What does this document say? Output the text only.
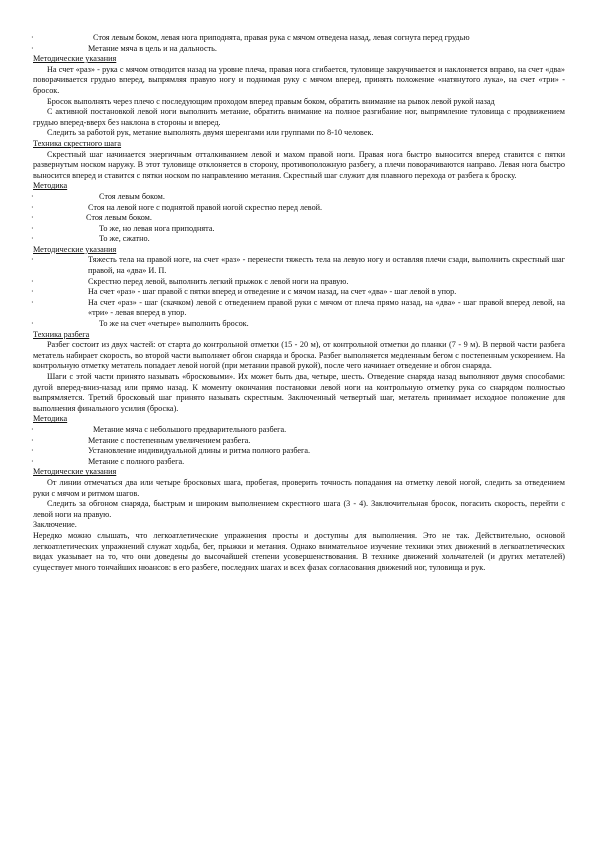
·	Стоя левым боком, левая нога приподнята, правая рука с мячом отведена назад, левая согнута перед грудью
·	Метание мяча в цель и на дальность.

Методические указания

На счет «раз» - рука с мячом отводится назад на уровне плеча, правая нога сгибается, туловище закручивается и наклоняется вправо, на счет «два» поворачивается грудью вперед, выпрямляя правую ногу и поднимая руку с мячом вперед, принять положение «натянутого лука», на счет «три» - бросок.

Бросок выполнять через плечо с последующим проходом вперед правым боком, обратить внимание на рывок левой рукой назад

С активной постановкой левой ноги выполнить метание, обратить внимание на полное разгибание ног, выпрямление туловища с продвижением грудью вперед-вверх без наклона в стороны и вперед.

Следить за работой рук, метание выполнять двумя шеренгами или группами по 8-10 человек.

Техника скрестного шага

Скрестный шаг начинается энергичным отталкиванием левой и махом правой ноги. Правая нога быстро выносится вперед ставится с пятки развернутым носком наружу. В этот туловище отклоняется в сторону, противоположную разбегу, а плечи поворачиваются направо. Левая нога быстро выносится вперед и ставится с пятки носком по направлению метания. Скрестный шаг служит для плавного перехода от разбега к броску.

Методика

·	Стоя левым боком.
·	Стоя на левой ноге с поднятой правой ногой скрестно перед левой.
·	Стоя левым боком.
·	То же, но левая нога приподнята.
·	То же, сжатно.

Методические указания

·	Тяжесть тела на правой ноге, на счет «раз» - перенести тяжесть тела на левую ногу и оставляя плечи сзади, выполнить скрестный шаг правой, на «два» И. П.
·	Скрестно перед левой, выполнить легкий прыжок с левой ноги на правую.
·	На счет «раз» - шаг правой с пятки вперед и отведение и с мячом назад, на счет «два» - шаг левой в упор.
·	На счет «раз» - шаг (скачком) левой с отведением правой руки с мячом от плеча прямо назад, на «два» - шаг правой вперед левой, на «три» - левая вперед в упор.
·	То же на счет «четыре» выполнить бросок.

Техника разбега

Разбег состоит из двух частей: от старта до контрольной отметки (15 - 20 м), от контрольной отметки до планки (7 - 9 м). В первой части разбега метатель набирает скорость, во второй части выполняет обгон снаряда и броска. Разбег выполняется медленным бегом с постепенным ускорением. На контрольную отметку метатель попадает левой ногой (при метании правой рукой), после чего начинает отведение и обгон снаряда.

Шаги с этой части принято называть «бросковыми». Их может быть два, четыре, шесть. Отведение снаряда назад выполняют двумя способами: дугой вперед-вниз-назад или прямо назад. К моменту окончания постановки левой ноги на контрольную отметку рука со снарядом полностью выпрямляется. Третий бросковый шаг принято называть скрестным. Заключенный четвертый шаг, метатель принимает исходное положение для выполнения финального усилия (броска).

Методика

·	Метание мяча с небольшого предварительного разбега.
·	Метание с постепенным увеличением разбега.
·	Установление индивидуальной длины и ритма полного разбега.
·	Метание с полного разбега.

Методические указания

От линии отмечаться два или четыре бросковых шага, пробегая, проверить точность попадания на отметку левой ногой, следить за отведением руки с мячом и ритмом шагов.

Следить за обгоном снаряда, быстрым и широким выполнением скрестного шага (3 - 4). Заключительная бросок, погасить скорость, перейти с левой ноги на правую.

Заключение.

Нередко можно слышать, что легкоатлетические упражнения просты и доступны для выполнения. Это не так. Действительно, основой легкоатлетических упражнений служат ходьба, бег, прыжки и метания. Однако внимательное изучение техники этих движений в легкоатлетических видах указывает на то, что они доведены до высочайшей степени усовершенствования. В технике движений хольчателей (и других метателей) существует много тончайших нюансов: в его разбеге, последних шагах и всех фазах согласования движений ног, туловища и рук.
